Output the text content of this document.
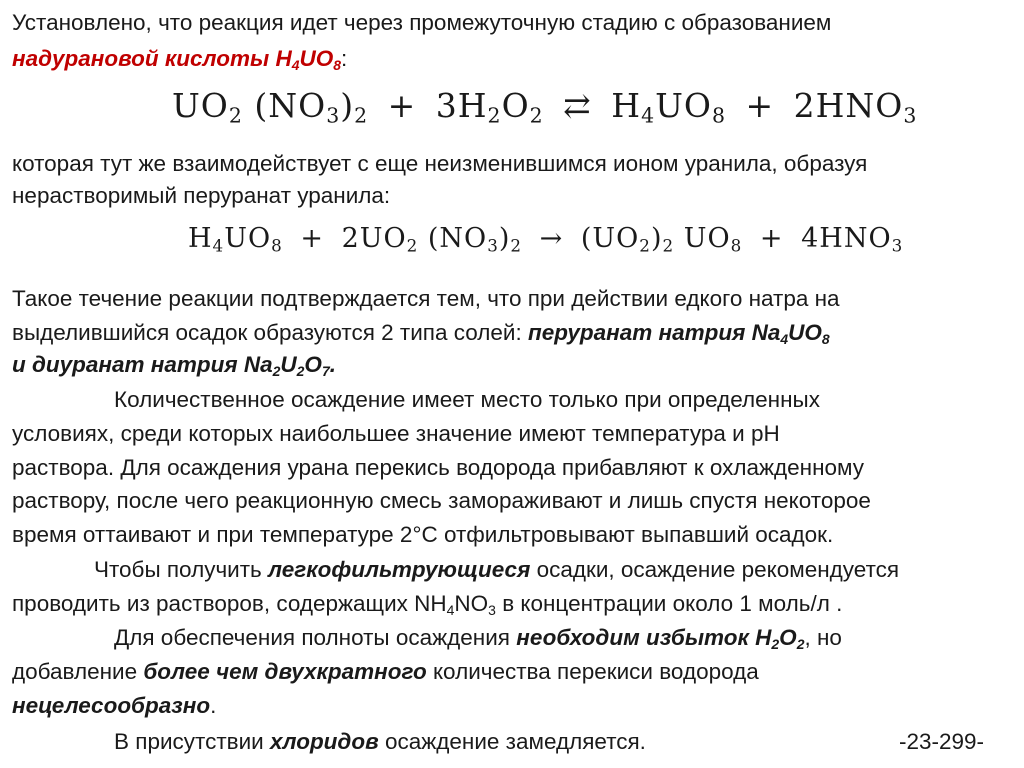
Установлено, что реакция идет через промежуточную стадию с образованием
надурановой кислоты $H_4UO_8$:
$UO_2$ $(NO_3)_2 + 3H_2O_2$ ⇄ $H_4UO_8 + 2HNO_3$
которая тут же взаимодействует с еще неизменившимся ионом уранила, образуя
нерастворимый перуранат уранила:
$H_4UO_8 + 2UO_2$ $(NO_3)_2 \to (UO_2)_2$ $UO_8 + 4HNO_3$
Такое течение реакции подтверждается тем, что при действии едкого натра на
выделившийся осадок образуются 2 типа солей: перуранат натрия $Na_4UO_8$
и диуранат натрия $Na_2U_2O_7$.
Количественное осаждение имеет место только при определенных
условиях, среди которых наибольшее значение имеют температура и рН
раствора. Для осаждения урана перекись водорода прибавляют к охлажденному
раствору, после чего реакционную смесь замораживают и лишь спустя некоторое
время оттаивают и при температуре 2°С отфильтровывают выпавший осадок.
Чтобы получить легкофильтрующиеся осадки, осаждение рекомендуется
проводить из растворов, содержащих $NH_4NO_3$ в концентрации около 1 моль/л .
Для обеспечения полноты осаждения необходим избыток $H_2O_2$, но
добавление более чем двухкратного количества перекиси водорода
нецелесообразно.
В присутствии хлоридов осаждение замедляется.	-23-299-
